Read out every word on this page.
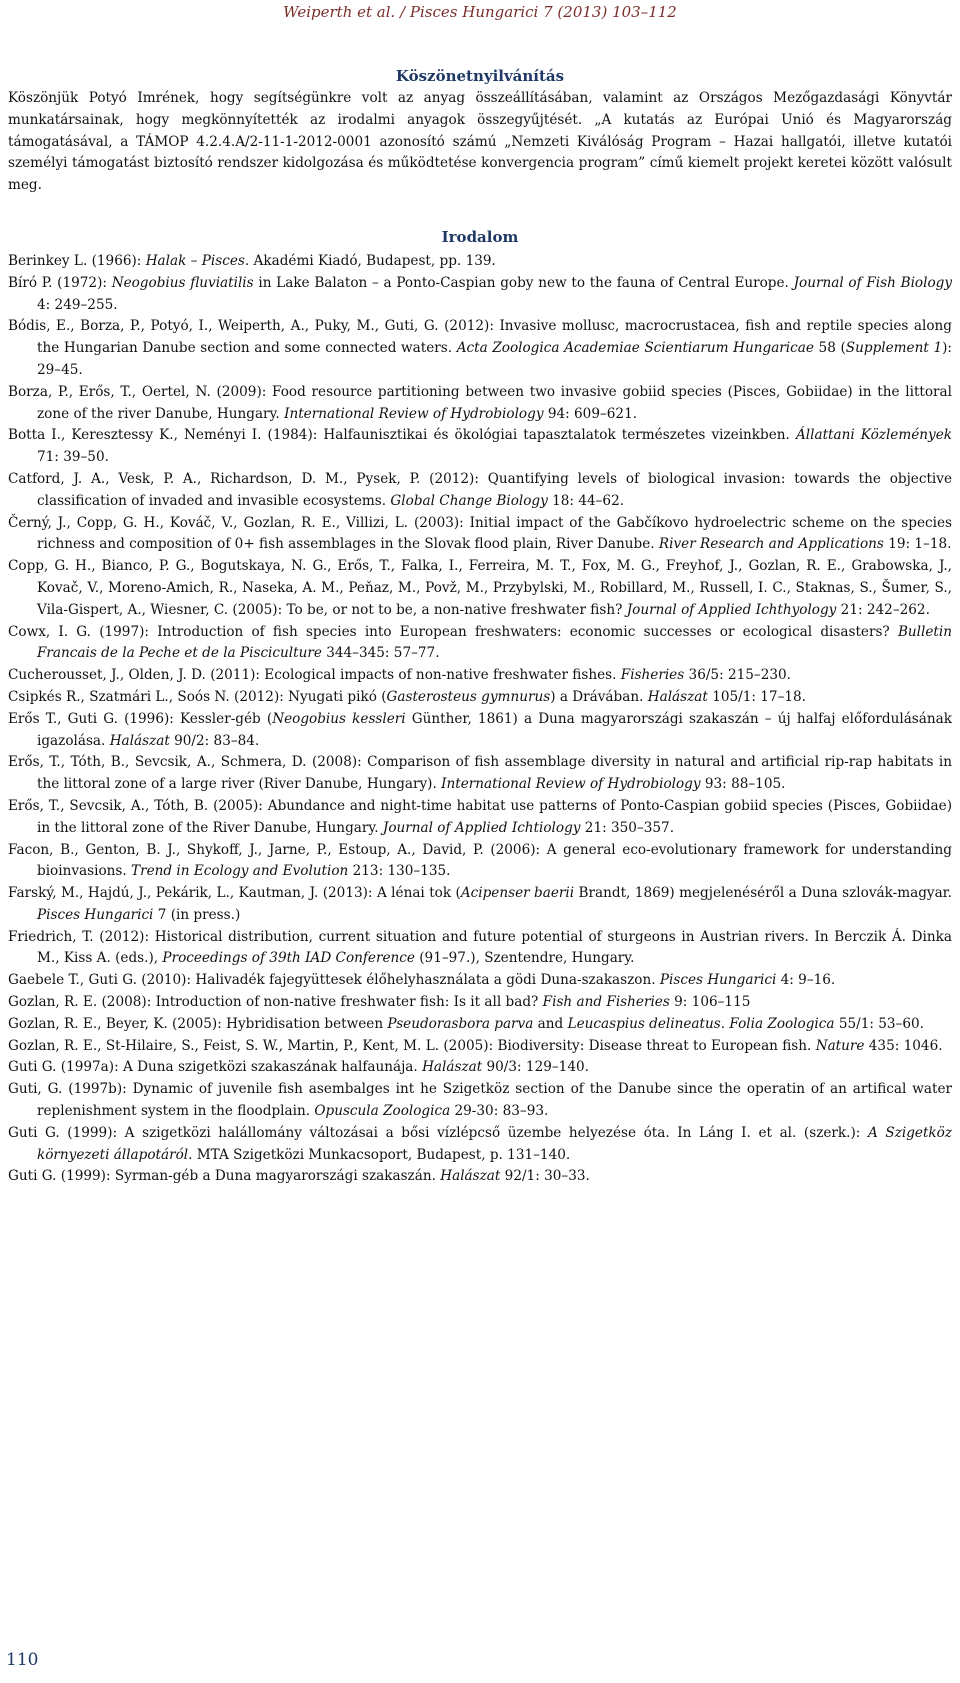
Weiperth et al. / Pisces Hungarici 7 (2013) 103–112
Köszönetnyilvánítás

Köszönjük Potyó Imrének, hogy segítségünkre volt az anyag összeállításában, valamint az Országos Mezőgazdasági Könyvtár munkatársainak, hogy megkönnyítették az irodalmi anyagok összegyűjtését. „A kutatás az Európai Unió és Magyarország támogatásával, a TÁMOP 4.2.4.A/2-11-1-2012-0001 azonosító számú „Nemzeti Kiválóság Program – Hazai hallgatói, illetve kutatói személyi támogatást biztosító rendszer kidolgozása és működtetése konvergencia program” című kiemelt projekt keretei között valósult meg.

Irodalom

Berinkey L. (1966): Halak – Pisces. Akadémi Kiadó, Budapest, pp. 139.

Bíró P. (1972): Neogobius fluviatilis in Lake Balaton – a Ponto-Caspian goby new to the fauna of Central Europe. Journal of Fish Biology 4: 249–255.

Bódis, E., Borza, P., Potyó, I., Weiperth, A., Puky, M., Guti, G. (2012): Invasive mollusc, macrocrustacea, fish and reptile species along the Hungarian Danube section and some connected waters. Acta Zoologica Academiae Scientiarum Hungaricae 58 (Supplement 1): 29–45.

Borza, P., Erős, T., Oertel, N. (2009): Food resource partitioning between two invasive gobiid species (Pisces, Gobiidae) in the littoral zone of the river Danube, Hungary. International Review of Hydrobiology 94: 609–621.

Botta I., Keresztessy K., Neményi I. (1984): Halfaunisztikai és ökológiai tapasztalatok természetes vizeinkben. Állattani Közlemények 71: 39–50.

Catford, J. A., Vesk, P. A., Richardson, D. M., Pysek, P. (2012): Quantifying levels of biological invasion: towards the objective classification of invaded and invasible ecosystems. Global Change Biology 18: 44–62.

Černý, J., Copp, G. H., Kováč, V., Gozlan, R. E., Villizi, L. (2003): Initial impact of the Gabčíkovo hydroelectric scheme on the species richness and composition of 0+ fish assemblages in the Slovak flood plain, River Danube. River Research and Applications 19: 1–18.

Copp, G. H., Bianco, P. G., Bogutskaya, N. G., Erős, T., Falka, I., Ferreira, M. T., Fox, M. G., Freyhof, J., Gozlan, R. E., Grabowska, J., Kovač, V., Moreno-Amich, R., Naseka, A. M., Peňaz, M., Povž, M., Przybylski, M., Robillard, M., Russell, I. C., Staknas, S., Šumer, S., Vila-Gispert, A., Wiesner, C. (2005): To be, or not to be, a non-native freshwater fish? Journal of Applied Ichthyology 21: 242–262.

Cowx, I. G. (1997): Introduction of fish species into European freshwaters: economic successes or ecological disasters? Bulletin Francais de la Peche et de la Pisciculture 344–345: 57–77.

Cucherousset, J., Olden, J. D. (2011): Ecological impacts of non-native freshwater fishes. Fisheries 36/5: 215–230.

Csipkés R., Szatmári L., Soós N. (2012): Nyugati pikó (Gasterosteus gymnurus) a Drávában. Halászat 105/1: 17–18.

Erős T., Guti G. (1996): Kessler-géb (Neogobius kessleri Günther, 1861) a Duna magyarországi szakaszán – új halfaj előfordulásának igazolása. Halászat 90/2: 83–84.

Erős, T., Tóth, B., Sevcsik, A., Schmera, D. (2008): Comparison of fish assemblage diversity in natural and artificial rip-rap habitats in the littoral zone of a large river (River Danube, Hungary). International Review of Hydrobiology 93: 88–105.

Erős, T., Sevcsik, A., Tóth, B. (2005): Abundance and night-time habitat use patterns of Ponto-Caspian gobiid species (Pisces, Gobiidae) in the littoral zone of the River Danube, Hungary. Journal of Applied Ichtiology 21: 350–357.

Facon, B., Genton, B. J., Shykoff, J., Jarne, P., Estoup, A., David, P. (2006): A general eco-evolutionary framework for understanding bioinvasions. Trend in Ecology and Evolution 213: 130–135.

Farský, M., Hajdú, J., Pekárik, L., Kautman, J. (2013): A lénai tok (Acipenser baerii Brandt, 1869) megjelenéséről a Duna szlovák-magyar. Pisces Hungarici 7 (in press.)

Friedrich, T. (2012): Historical distribution, current situation and future potential of sturgeons in Austrian rivers. In Berczik Á. Dinka M., Kiss A. (eds.), Proceedings of 39th IAD Conference (91–97.), Szentendre, Hungary.

Gaebele T., Guti G. (2010): Halivadék fajegyüttesek élőhelyhasználata a gödi Duna-szakaszon. Pisces Hungarici 4: 9–16.

Gozlan, R. E. (2008): Introduction of non-native freshwater fish: Is it all bad? Fish and Fisheries 9: 106–115

Gozlan, R. E., Beyer, K. (2005): Hybridisation between Pseudorasbora parva and Leucaspius delineatus. Folia Zoologica 55/1: 53–60.

Gozlan, R. E., St-Hilaire, S., Feist, S. W., Martin, P., Kent, M. L. (2005): Biodiversity: Disease threat to European fish. Nature 435: 1046.

Guti G. (1997a): A Duna szigetközi szakaszának halfaunája. Halászat 90/3: 129–140.

Guti, G. (1997b): Dynamic of juvenile fish asembalges int he Szigetköz section of the Danube since the operatin of an artifical water replenishment system in the floodplain. Opuscula Zoologica 29-30: 83–93.

Guti G. (1999): A szigetközi halállomány változásai a bősi vízlépcső üzembe helyezése óta. In Láng I. et al. (szerk.): A Szigetköz környezeti állapotáról. MTA Szigetközi Munkacsoport, Budapest, p. 131–140.

Guti G. (1999): Syrman-géb a Duna magyarországi szakaszán. Halászat 92/1: 30–33.

110
